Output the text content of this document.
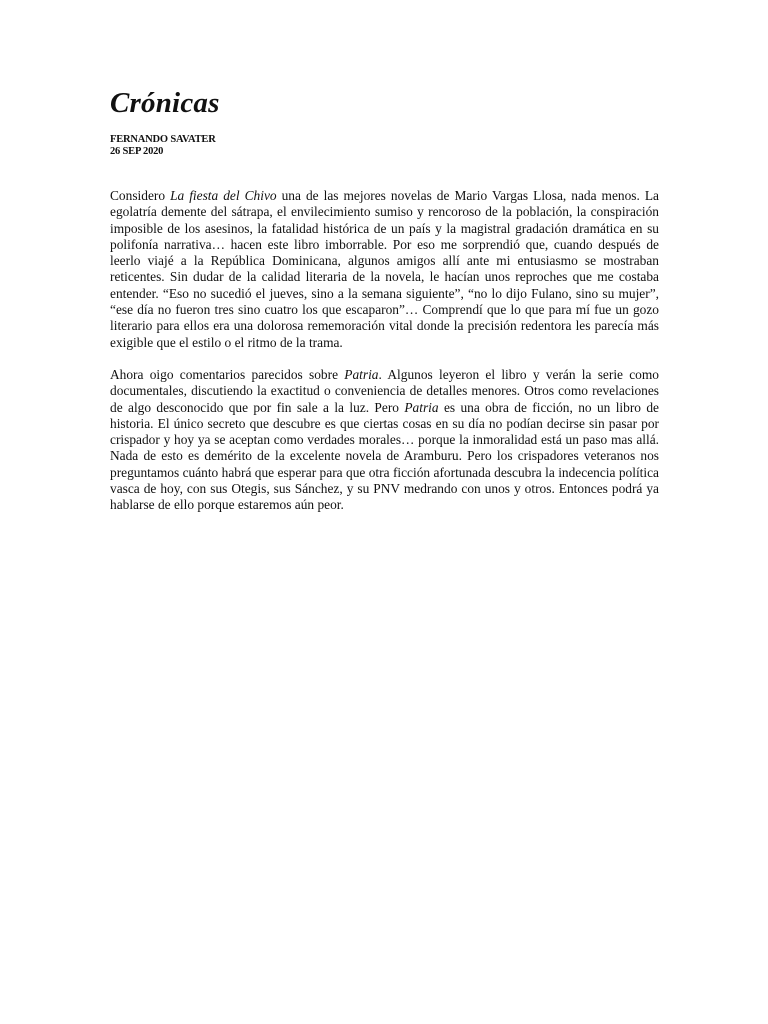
Crónicas
FERNANDO SAVATER
26 SEP 2020

Considero La fiesta del Chivo una de las mejores novelas de Mario Vargas Llosa, nada menos. La egolatría demente del sátrapa, el envilecimiento sumiso y rencoroso de la población, la conspiración imposible de los asesinos, la fatalidad histórica de un país y la magistral gradación dramática en su polifonía narrativa… hacen este libro imborrable. Por eso me sorprendió que, cuando después de leerlo viajé a la República Dominicana, algunos amigos allí ante mi entusiasmo se mostraban reticentes. Sin dudar de la calidad literaria de la novela, le hacían unos reproches que me costaba entender. “Eso no sucedió el jueves, sino a la semana siguiente”, “no lo dijo Fulano, sino su mujer”, “ese día no fueron tres sino cuatro los que escaparon”… Comprendí que lo que para mí fue un gozo literario para ellos era una dolorosa rememoración vital donde la precisión redentora les parecía más exigible que el estilo o el ritmo de la trama.

Ahora oigo comentarios parecidos sobre Patria. Algunos leyeron el libro y verán la serie como documentales, discutiendo la exactitud o conveniencia de detalles menores. Otros como revelaciones de algo desconocido que por fin sale a la luz. Pero Patria es una obra de ficción, no un libro de historia. El único secreto que descubre es que ciertas cosas en su día no podían decirse sin pasar por crispador y hoy ya se aceptan como verdades morales… porque la inmoralidad está un paso mas allá. Nada de esto es demérito de la excelente novela de Aramburu. Pero los crispadores veteranos nos preguntamos cuánto habrá que esperar para que otra ficción afortunada descubra la indecencia política vasca de hoy, con sus Otegis, sus Sánchez, y su PNV medrando con unos y otros. Entonces podrá ya hablarse de ello porque estaremos aún peor.
